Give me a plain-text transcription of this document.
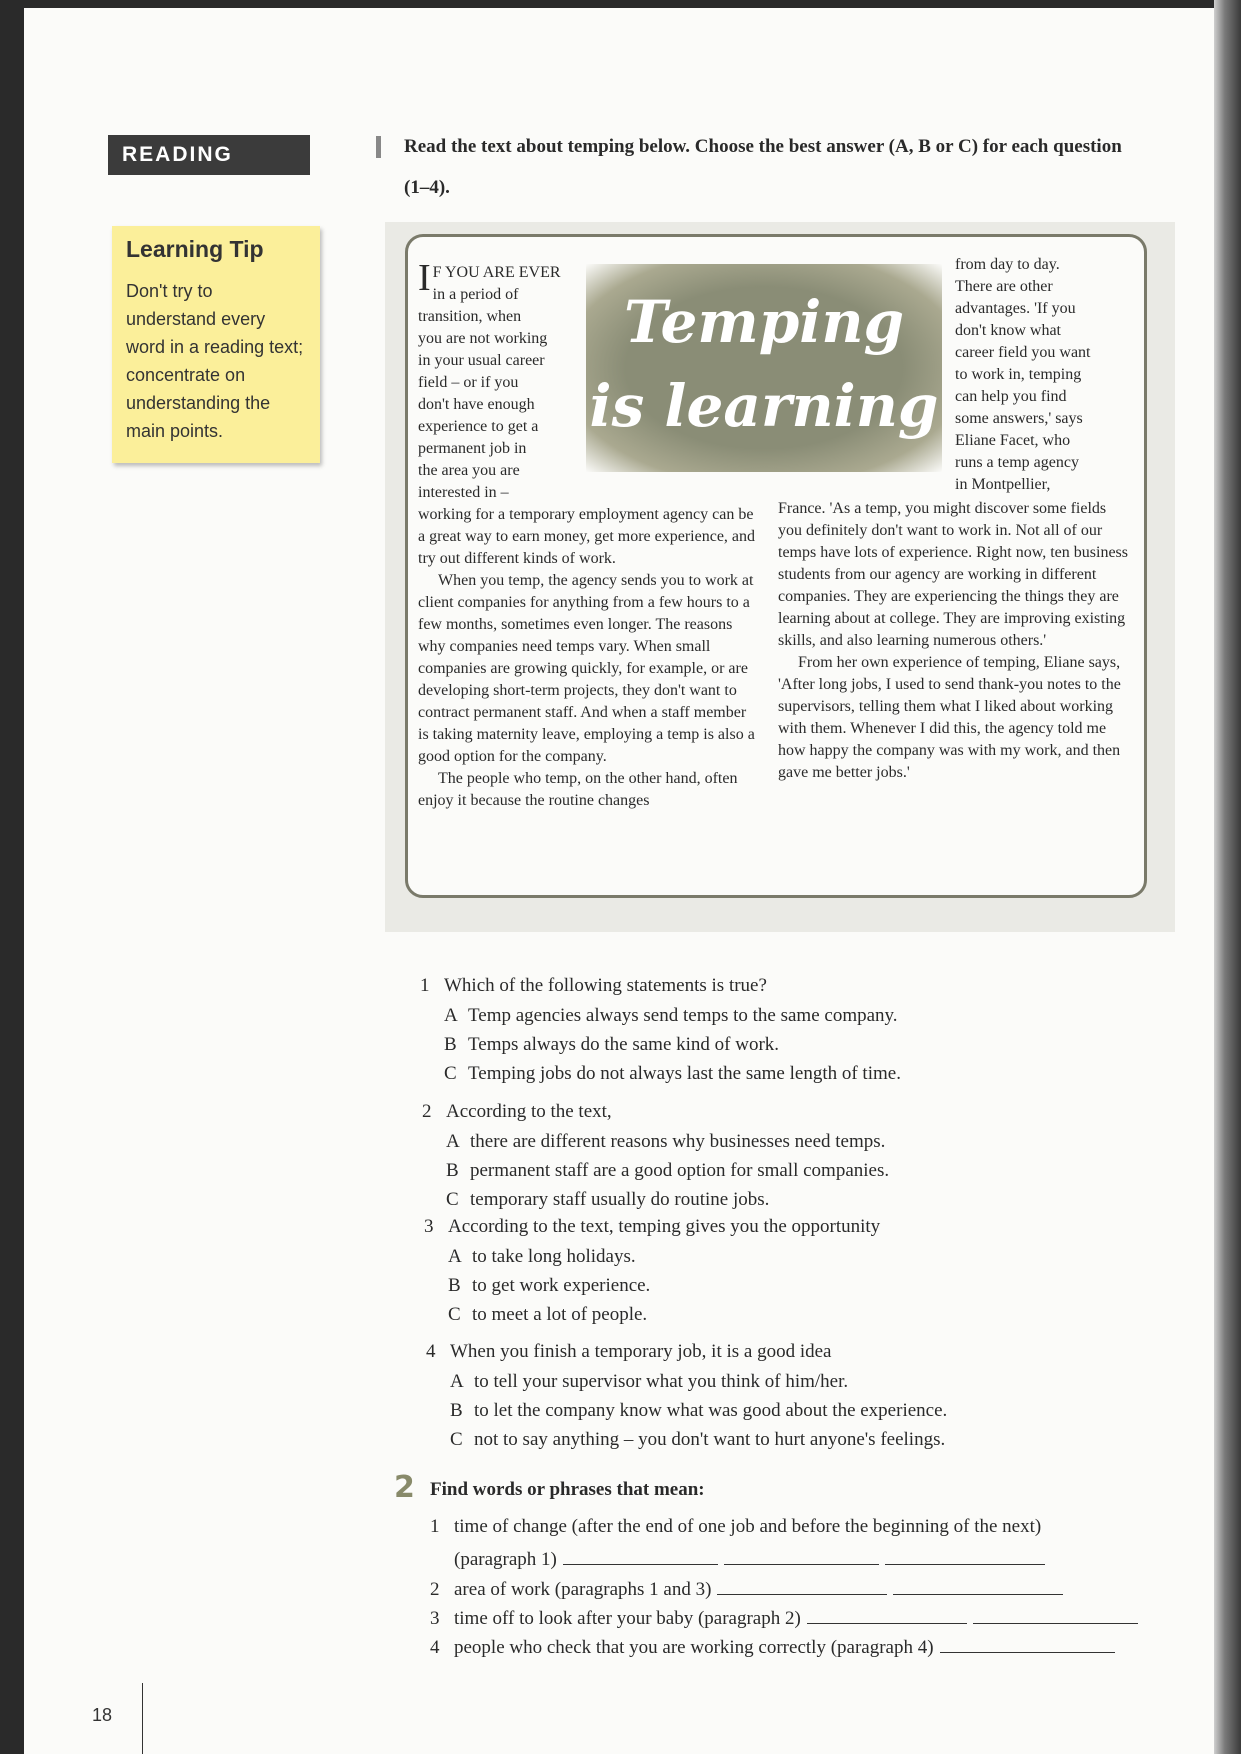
READING
Learning Tip
Don't try to understand every word in a reading text; concentrate on understanding the main points.
Read the text about temping below. Choose the best answer (A, B or C) for each question (1–4).
Temping
is learning
I F YOU ARE EVER
in a period of
transition, when
you are not working
in your usual career
field – or if you
don't have enough
experience to get a
permanent job in
the area you are
interested in –

working for a temporary employment agency can be a great way to earn money, get more experience, and try out different kinds of work.

When you temp, the agency sends you to work at client companies for anything from a few hours to a few months, sometimes even longer. The reasons why companies need temps vary. When small companies are growing quickly, for example, or are developing short-term projects, they don't want to contract permanent staff. And when a staff member is taking maternity leave, employing a temp is also a good option for the company.

The people who temp, on the other hand, often enjoy it because the routine changes

from day to day.
There are other
advantages. 'If you
don't know what
career field you want
to work in, temping
can help you find
some answers,' says
Eliane Facet, who
runs a temp agency
in Montpellier,

France. 'As a temp, you might discover some fields you definitely don't want to work in. Not all of our temps have lots of experience. Right now, ten business students from our agency are working in different companies. They are experiencing the things they are learning about at college. They are improving existing skills, and also learning numerous others.'

From her own experience of temping, Eliane says, 'After long jobs, I used to send thank-you notes to the supervisors, telling them what I liked about working with them. Whenever I did this, the agency told me how happy the company was with my work, and then gave me better jobs.'

1 Which of the following statements is true?
A Temp agencies always send temps to the same company.
B Temps always do the same kind of work.
C Temping jobs do not always last the same length of time.
2 According to the text,
A there are different reasons why businesses need temps.
B permanent staff are a good option for small companies.
C temporary staff usually do routine jobs.
3 According to the text, temping gives you the opportunity
A to take long holidays.
B to get work experience.
C to meet a lot of people.
4 When you finish a temporary job, it is a good idea
A to tell your supervisor what you think of him/her.
B to let the company know what was good about the experience.
C not to say anything – you don't want to hurt anyone's feelings.
2 Find words or phrases that mean:
1 time of change (after the end of one job and before the beginning of the next)
(paragraph 1)
2 area of work (paragraphs 1 and 3)
3 time off to look after your baby (paragraph 2)
4 people who check that you are working correctly (paragraph 4)
18
